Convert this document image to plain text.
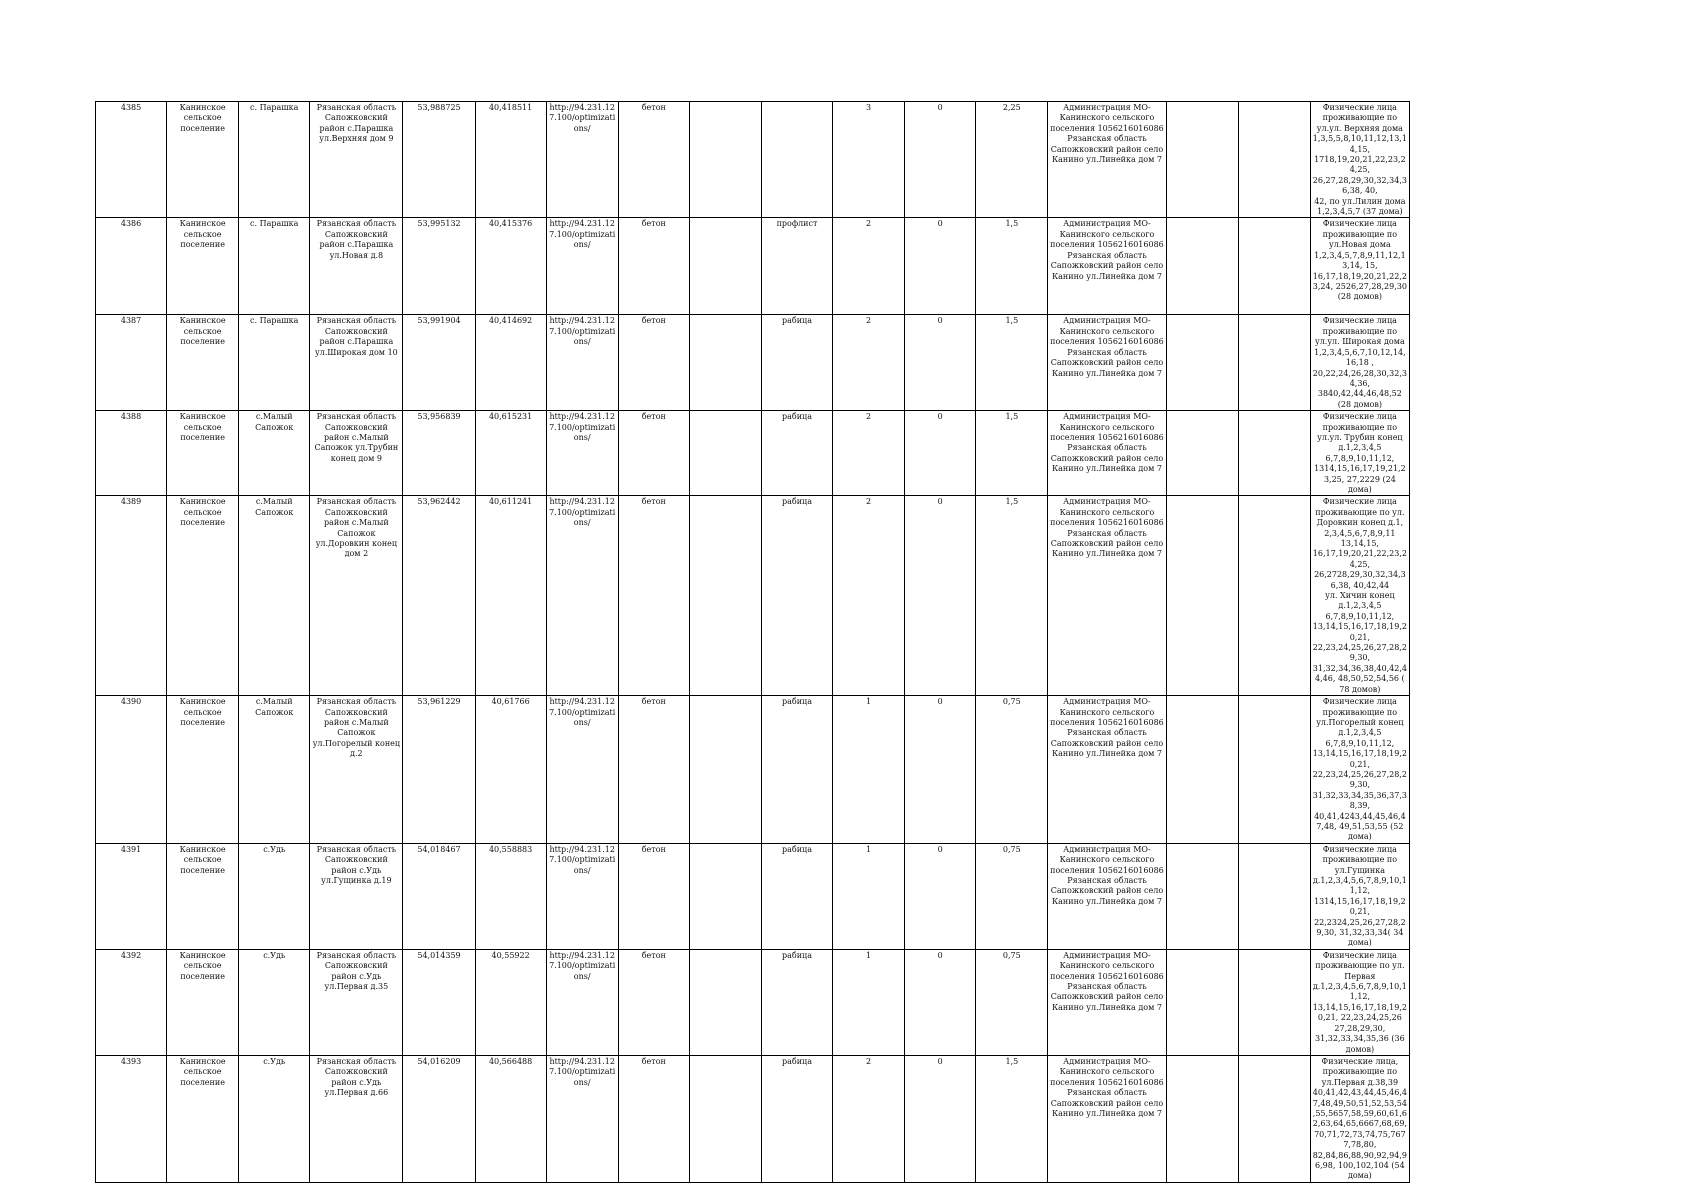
4385	Канинское сельское поселение	с. Парашка	Рязанская область Сапожковский район с.Парашка ул.Верхняя дом 9	53,988725	40,418511	http://94.231.127.100/optimizations/	бетон			3	0	2,25	Администрация МО-Канинского сельского поселения 1056216016086 Рязанская область Сапожковский район село Канино ул.Линейка дом 7			Физические лица проживающие по ул.ул. Верхняя дома 1,3,5,5,8,10,11,12,13,14,15, 1718,19,20,21,22,23,24,25, 26,27,28,29,30,32,34,36,38, 40,
42, по ул.Лилин дома 1,2,3,4,5,7 (37 дома)
4386	Канинское сельское поселение	с. Парашка	Рязанская область Сапожковский район с.Парашка ул.Новая д.8	53,995132	40,415376	http://94.231.127.100/optimizations/	бетон		профлист	2	0	1,5	Администрация МО-Канинского сельского поселения 1056216016086 Рязанская область Сапожковский район село Канино ул.Линейка дом 7			Физические лица проживающие по ул.Новая дома 1,2,3,4,5,7,8,9,11,12,13,14, 15,
16,17,18,19,20,21,22,23,24, 2526,27,28,29,30 (28 домов)
4387	Канинское сельское поселение	с. Парашка	Рязанская область Сапожковский район с.Парашка ул.Широкая дом 10	53,991904	40,414692	http://94.231.127.100/optimizations/	бетон		рабица	2	0	1,5	Администрация МО-Канинского сельского поселения 1056216016086 Рязанская область Сапожковский район село Канино ул.Линейка дом 7			Физические лица проживающие по ул.ул. Широкая дома 1,2,3,4,5,6,7,10,12,14,16,18 ,
20,22,24,26,28,30,32,34,36, 3840,42,44,46,48,52 (28 домов)
4388	Канинское сельское поселение	с.Малый Сапожок	Рязанская область Сапожковский район с.Малый Сапожок ул.Трубин конец дом 9	53,956839	40,615231	http://94.231.127.100/optimizations/	бетон		рабица	2	0	1,5	Администрация МО-Канинского сельского поселения 1056216016086 Рязанская область Сапожковский район село Канино ул.Линейка дом 7			Физические лица проживающие по ул.ул. Трубин конец д.1,2,3,4,5 6,7,8,9,10,11,12, 1314,15,16,17,19,21,23,25, 27,2229 (24 дома)
4389	Канинское сельское поселение	с.Малый Сапожок	Рязанская область Сапожковский район с.Малый Сапожок ул.Доровкин конец дом 2	53,962442	40,611241	http://94.231.127.100/optimizations/	бетон		рабица	2	0	1,5	Администрация МО-Канинского сельского поселения 1056216016086 Рязанская область Сапожковский район село Канино ул.Линейка дом 7			Физические лица проживающие по ул. Доровкин конец д.1, 2,3,4,5,6,7,8,9,11 13,14,15, 16,17,19,20,21,22,23,24,25, 26,2728,29,30,32,34,36,38, 40,42,44
ул. Хичин конец д.1,2,3,4,5 6,7,8,9,10,11,12, 13,14,15,16,17,18,19,20,21, 22,23,24,25,26,27,28,29,30, 31,32,34,36,38,40,42,44,46, 48,50,52,54,56 (
78 домов)
4390	Канинское сельское поселение	с.Малый Сапожок	Рязанская область Сапожковский район с.Малый Сапожок ул.Погорелый конец д.2	53,961229	40,61766	http://94.231.127.100/optimizations/	бетон		рабица	1	0	0,75	Администрация МО-Канинского сельского поселения 1056216016086 Рязанская область Сапожковский район село Канино ул.Линейка дом 7			Физические лица проживающие по ул.Погорелый конец д.1,2,3,4,5 6,7,8,9,10,11,12, 13,14,15,16,17,18,19,20,21, 22,23,24,25,26,27,28,29,30, 31,32,33,34,35,36,37,38,39, 40,41,4243,44,45,46,47,48, 49,51,53,55 (52 дома)
4391	Канинское сельское поселение	с.Удь	Рязанская область Сапожковский район с.Удь ул.Гущинка д.19	54,018467	40,558883	http://94.231.127.100/optimizations/	бетон		рабица	1	0	0,75	Администрация МО-Канинского сельского поселения 1056216016086 Рязанская область Сапожковский район село Канино ул.Линейка дом 7			Физические лица проживающие по ул.Гущинка д.1,2,3,4,5,6,7,8,9,10,11,12, 1314,15,16,17,18,19,20,21, 22,2324,25,26,27,28,29,30, 31,32,33,34( 34 дома)
4392	Канинское сельское поселение	с.Удь	Рязанская область Сапожковский район с.Удь ул.Первая д.35	54,014359	40,55922	http://94.231.127.100/optimizations/	бетон		рабица	1	0	0,75	Администрация МО-Канинского сельского поселения 1056216016086 Рязанская область Сапожковский район село Канино ул.Линейка дом 7			Физические лица проживающие по ул. Первая д.1,2,3,4,5,6,7,8,9,10,11,12, 13,14,15,16,17,18,19,20,21, 22,23,24,25,26 27,28,29,30, 31,32,33,34,35,36 (36 домов)
4393	Канинское сельское поселение	с.Удь	Рязанская область Сапожковский район с.Удь ул.Первая д.66	54,016209	40,566488	http://94.231.127.100/optimizations/	бетон		рабица	2	0	1,5	Администрация МО-Канинского сельского поселения 1056216016086 Рязанская область Сапожковский район село Канино ул.Линейка дом 7			Физические лица, проживающие по ул.Первая д.38,39 40,41,42,43,44,45,46,47,48,49,50,51,52,53,54,55,5657,58,59,60,61,62,63,64,65,6667,68,69,70,71,72,73,74,75,7677,78,80, 82,84,86,88,90,92,94,96,98, 100,102,104 (54 дома)
